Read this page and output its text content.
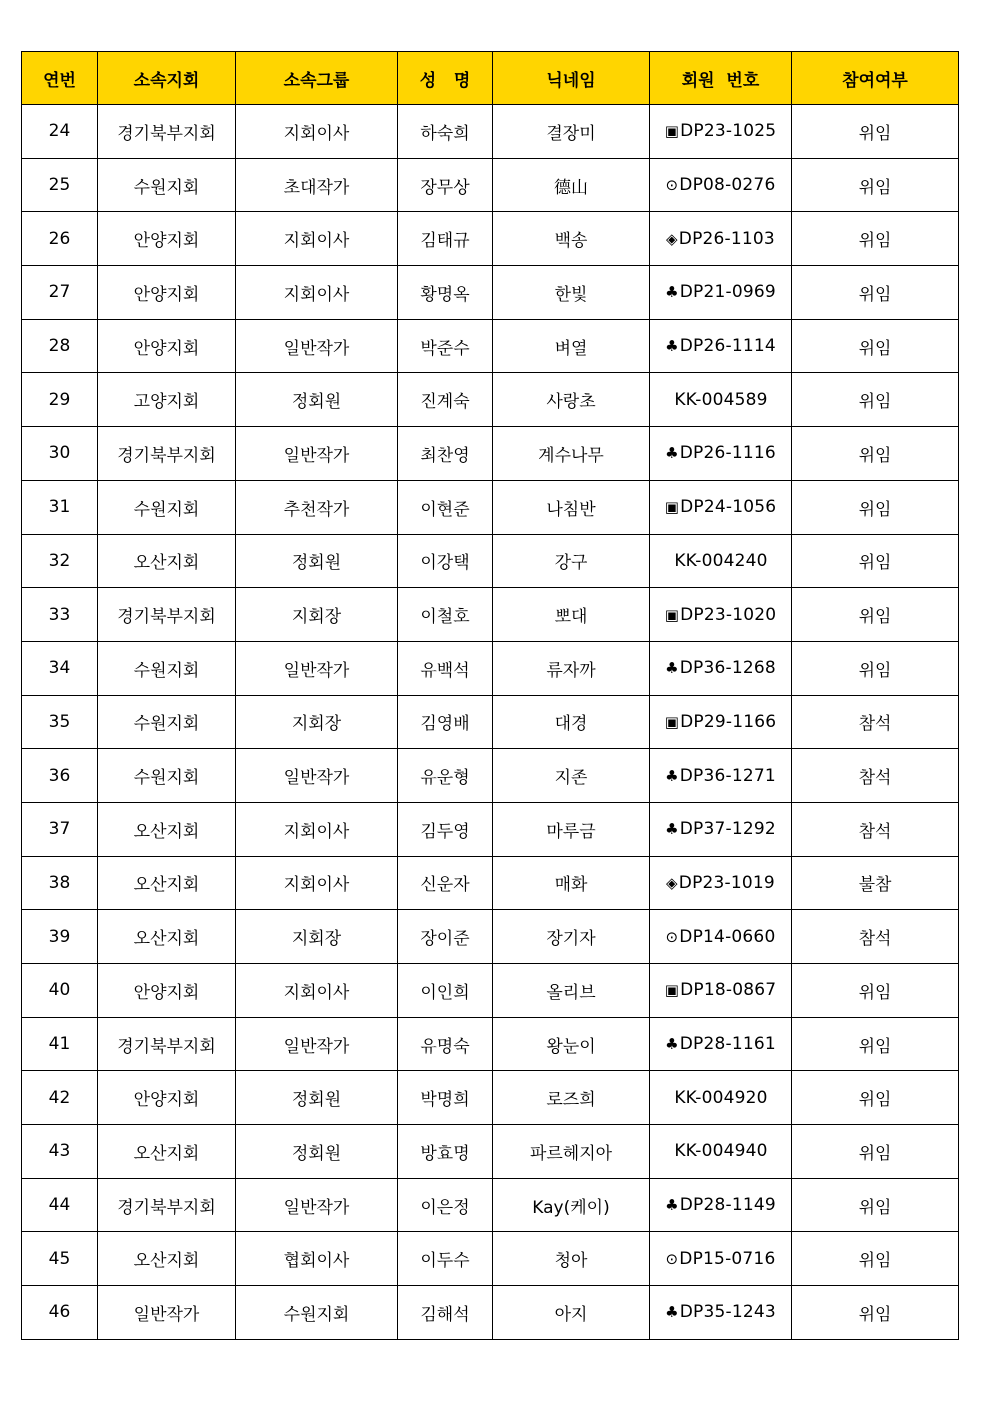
연번	소속지회	소속그룹	성   명	닉네임	회원  번호	참여여부
24	경기북부지회	지회이사	하숙희	결장미	▣DP23-1025	위임
25	수원지회	초대작가	장무상	德山	⊙DP08-0276	위임
26	안양지회	지회이사	김태규	백송	◈DP26-1103	위임
27	안양지회	지회이사	황명옥	한빛	♣DP21-0969	위임
28	안양지회	일반작가	박준수	벼열	♣DP26-1114	위임
29	고양지회	정회원	진계숙	사랑초	KK-004589	위임
30	경기북부지회	일반작가	최찬영	계수나무	♣DP26-1116	위임
31	수원지회	추천작가	이현준	나침반	▣DP24-1056	위임
32	오산지회	정회원	이강택	강구	KK-004240	위임
33	경기북부지회	지회장	이철호	뽀대	▣DP23-1020	위임
34	수원지회	일반작가	유백석	류자까	♣DP36-1268	위임
35	수원지회	지회장	김영배	대경	▣DP29-1166	참석
36	수원지회	일반작가	유운형	지존	♣DP36-1271	참석
37	오산지회	지회이사	김두영	마루금	♣DP37-1292	참석
38	오산지회	지회이사	신운자	매화	◈DP23-1019	불참
39	오산지회	지회장	장이준	장기자	⊙DP14-0660	참석
40	안양지회	지회이사	이인희	올리브	▣DP18-0867	위임
41	경기북부지회	일반작가	유명숙	왕눈이	♣DP28-1161	위임
42	안양지회	정회원	박명희	로즈희	KK-004920	위임
43	오산지회	정회원	방효명	파르헤지아	KK-004940	위임
44	경기북부지회	일반작가	이은정	Kay(케이)	♣DP28-1149	위임
45	오산지회	협회이사	이두수	청아	⊙DP15-0716	위임
46	일반작가	수원지회	김해석	아지	♣DP35-1243	위임
